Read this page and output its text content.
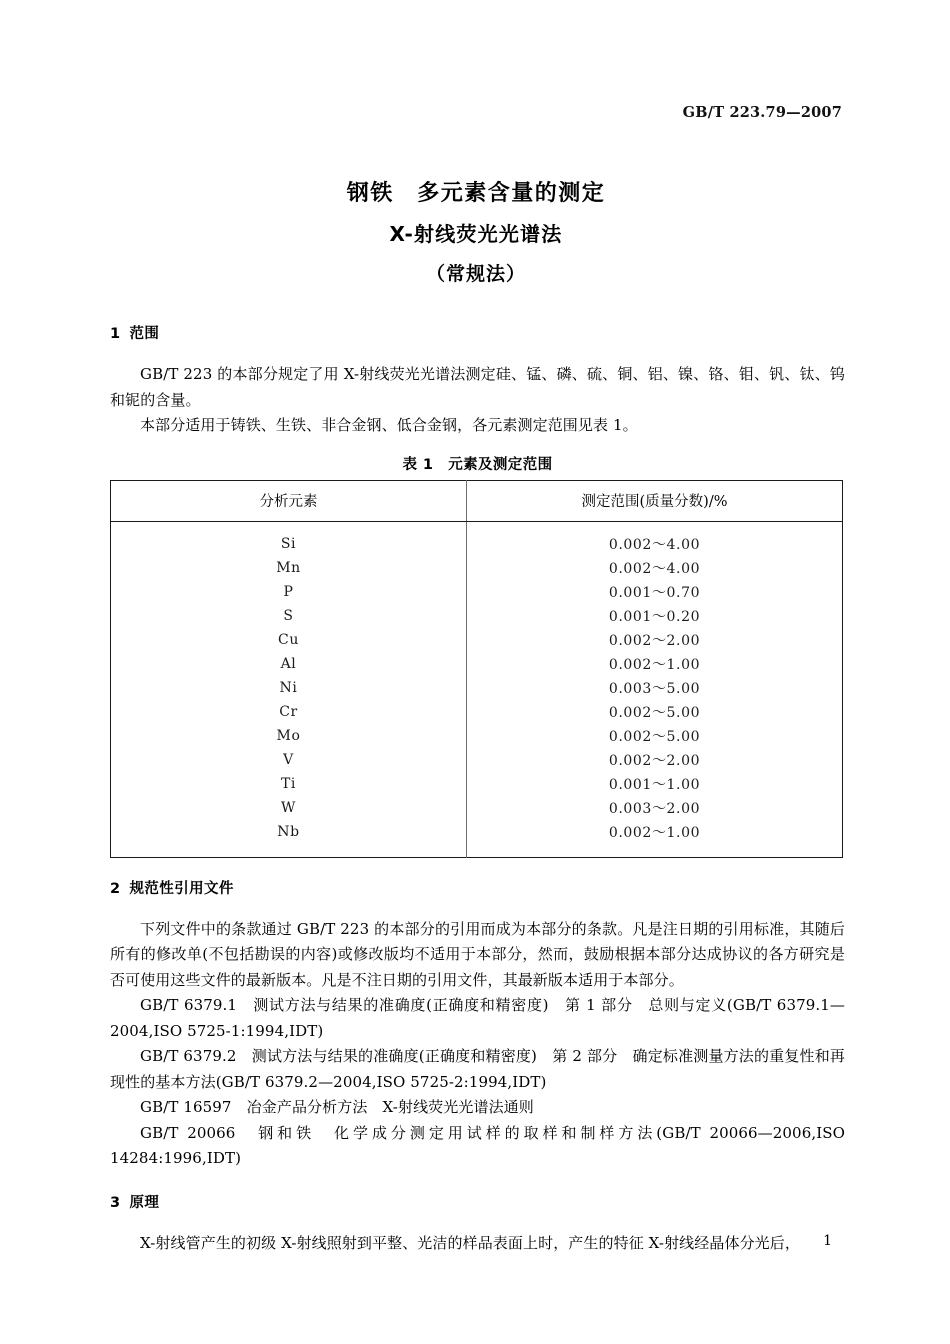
GB/T 223.79—2007
钢铁　多元素含量的测定
X-射线荧光光谱法
（常规法）
1 范围

GB/T 223 的本部分规定了用 X-射线荧光光谱法测定硅、锰、磷、硫、铜、铝、镍、铬、钼、钒、钛、钨和铌的含量。

本部分适用于铸铁、生铁、非合金钢、低合金钢，各元素测定范围见表 1。

表 1　元素及测定范围
分析元素	测定范围(质量分数)/%
Si	0.002～4.00
Mn	0.002～4.00
P	0.001～0.70
S	0.001～0.20
Cu	0.002～2.00
Al	0.002～1.00
Ni	0.003～5.00
Cr	0.002～5.00
Mo	0.002～5.00
V	0.002～2.00
Ti	0.001～1.00
W	0.003～2.00
Nb	0.002～1.00
2 规范性引用文件

下列文件中的条款通过 GB/T 223 的本部分的引用而成为本部分的条款。凡是注日期的引用标准，其随后所有的修改单(不包括勘误的内容)或修改版均不适用于本部分，然而，鼓励根据本部分达成协议的各方研究是否可使用这些文件的最新版本。凡是不注日期的引用文件，其最新版本适用于本部分。

GB/T 6379.1　测试方法与结果的准确度(正确度和精密度)　第 1 部分　总则与定义(GB/T 6379.1—2004,ISO 5725-1:1994,IDT)

GB/T 6379.2　测试方法与结果的准确度(正确度和精密度)　第 2 部分　确定标准测量方法的重复性和再现性的基本方法(GB/T 6379.2—2004,ISO 5725-2:1994,IDT)

GB/T 16597　冶金产品分析方法　X-射线荧光光谱法通则

GB/T 20066　钢和铁　化学成分测定用试样的取样和制样方法(GB/T 20066—2006,ISO 14284:1996,IDT)

3 原理

X-射线管产生的初级 X-射线照射到平整、光洁的样品表面上时，产生的特征 X-射线经晶体分光后，	1
